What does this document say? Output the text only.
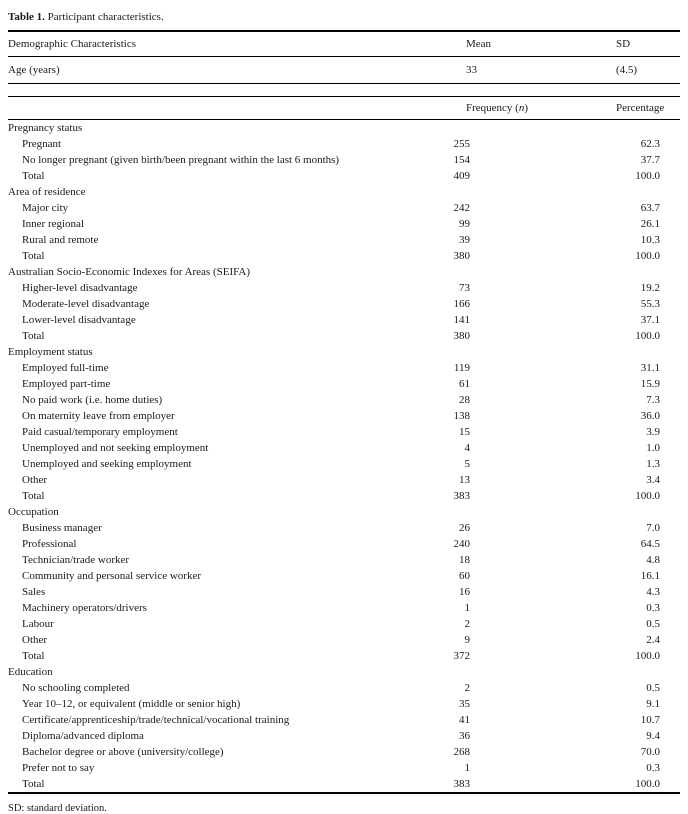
Table 1. Participant characteristics.
Demographic Characteristics	Mean	SD
Age (years)	33	(4.5)
Frequency (n)	Percentage
Pregnancy status
Pregnant	255	62.3
No longer pregnant (given birth/been pregnant within the last 6 months)	154	37.7
Total	409	100.0
Area of residence
Major city	242	63.7
Inner regional	99	26.1
Rural and remote	39	10.3
Total	380	100.0
Australian Socio-Economic Indexes for Areas (SEIFA)
Higher-level disadvantage	73	19.2
Moderate-level disadvantage	166	55.3
Lower-level disadvantage	141	37.1
Total	380	100.0
Employment status
Employed full-time	119	31.1
Employed part-time	61	15.9
No paid work (i.e. home duties)	28	7.3
On maternity leave from employer	138	36.0
Paid casual/temporary employment	15	3.9
Unemployed and not seeking employment	4	1.0
Unemployed and seeking employment	5	1.3
Other	13	3.4
Total	383	100.0
Occupation
Business manager	26	7.0
Professional	240	64.5
Technician/trade worker	18	4.8
Community and personal service worker	60	16.1
Sales	16	4.3
Machinery operators/drivers	1	0.3
Labour	2	0.5
Other	9	2.4
Total	372	100.0
Education
No schooling completed	2	0.5
Year 10–12, or equivalent (middle or senior high)	35	9.1
Certificate/apprenticeship/trade/technical/vocational training	41	10.7
Diploma/advanced diploma	36	9.4
Bachelor degree or above (university/college)	268	70.0
Prefer not to say	1	0.3
Total	383	100.0
SD: standard deviation.
